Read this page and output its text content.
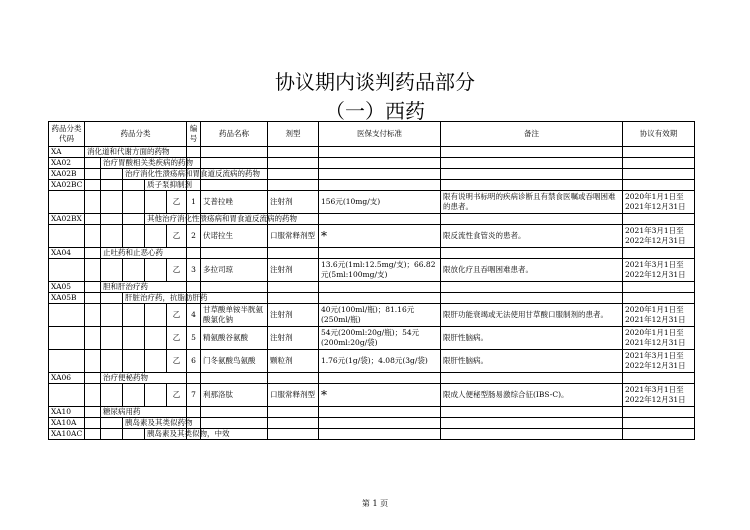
协议期内谈判药品部分
（一）西药
药品分类代码	药品分类					编号	药品名称	剂型	医保支付标准	备注	协议有效期
XA	消化道和代谢方面的药物										
XA02		治疗胃酸相关类疾病的药物									
XA02B			治疗消化性溃疡病和胃食道反流病的药物								
XA02BC				质子泵抑制剂							
					乙	1	艾普拉唑	注射剂	156元(10mg/支)	限有说明书标明的疾病诊断且有禁食医嘱或吞咽困难的患者。	2020年1月1日至2021年12月31日
XA02BX				其他治疗消化性溃疡病和胃食道反流病的药物							
					乙	2	伏诺拉生	口服常释剂型	*	限反流性食管炎的患者。	2021年3月1日至2022年12月31日
XA04		止吐药和止恶心药									
					乙	3	多拉司琼	注射剂	13.6元(1ml:12.5mg/支)；66.82元(5ml:100mg/支)	限放化疗且吞咽困难患者。	2021年3月1日至2022年12月31日
XA05		胆和肝治疗药									
XA05B			肝脏治疗药，抗脂肪肝药								
					乙	4	甘草酸单铵半胱氨酸氯化钠	注射剂	40元(100ml/瓶)；81.16元(250ml/瓶)	限肝功能衰竭或无法使用甘草酸口服制剂的患者。	2020年1月1日至2021年12月31日
					乙	5	精氨酸谷氨酸	注射剂	54元(200ml:20g/瓶)；54元(200ml:20g/袋)	限肝性脑病。	2020年1月1日至2021年12月31日
					乙	6	门冬氨酸鸟氨酸	颗粒剂	1.76元(1g/袋)；4.08元(3g/袋)	限肝性脑病。	2021年3月1日至2022年12月31日
XA06		治疗便秘药物									
					乙	7	利那洛肽	口服常释剂型	*	限成人便秘型肠易激综合征(IBS-C)。	2021年3月1日至2022年12月31日
XA10		糖尿病用药									
XA10A			胰岛素及其类似药物								
XA10AC				胰岛素及其类似物，中效							
第 1 页
